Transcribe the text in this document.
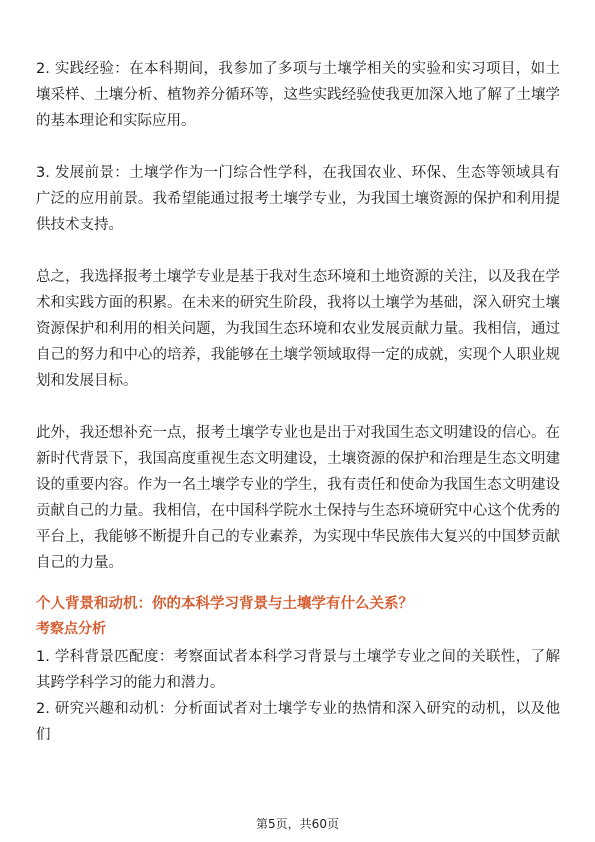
2. 实践经验：在本科期间，我参加了多项与土壤学相关的实验和实习项目，如土壤采样、土壤分析、植物养分循环等，这些实践经验使我更加深入地了解了土壤学的基本理论和实际应用。

3. 发展前景：土壤学作为一门综合性学科，在我国农业、环保、生态等领域具有广泛的应用前景。我希望能通过报考土壤学专业，为我国土壤资源的保护和利用提供技术支持。

总之，我选择报考土壤学专业是基于我对生态环境和土地资源的关注，以及我在学术和实践方面的积累。在未来的研究生阶段，我将以土壤学为基础，深入研究土壤资源保护和利用的相关问题，为我国生态环境和农业发展贡献力量。我相信，通过自己的努力和中心的培养，我能够在土壤学领域取得一定的成就，实现个人职业规划和发展目标。

此外，我还想补充一点，报考土壤学专业也是出于对我国生态文明建设的信心。在新时代背景下，我国高度重视生态文明建设，土壤资源的保护和治理是生态文明建设的重要内容。作为一名土壤学专业的学生，我有责任和使命为我国生态文明建设贡献自己的力量。我相信，在中国科学院水土保持与生态环境研究中心这个优秀的平台上，我能够不断提升自己的专业素养，为实现中华民族伟大复兴的中国梦贡献自己的力量。

个人背景和动机：你的本科学习背景与土壤学有什么关系？
考察点分析
1. 学科背景匹配度：考察面试者本科学习背景与土壤学专业之间的关联性，了解其跨学科学习的能力和潜力。
2. 研究兴趣和动机：分析面试者对土壤学专业的热情和深入研究的动机，以及他们
第5页，共60页
